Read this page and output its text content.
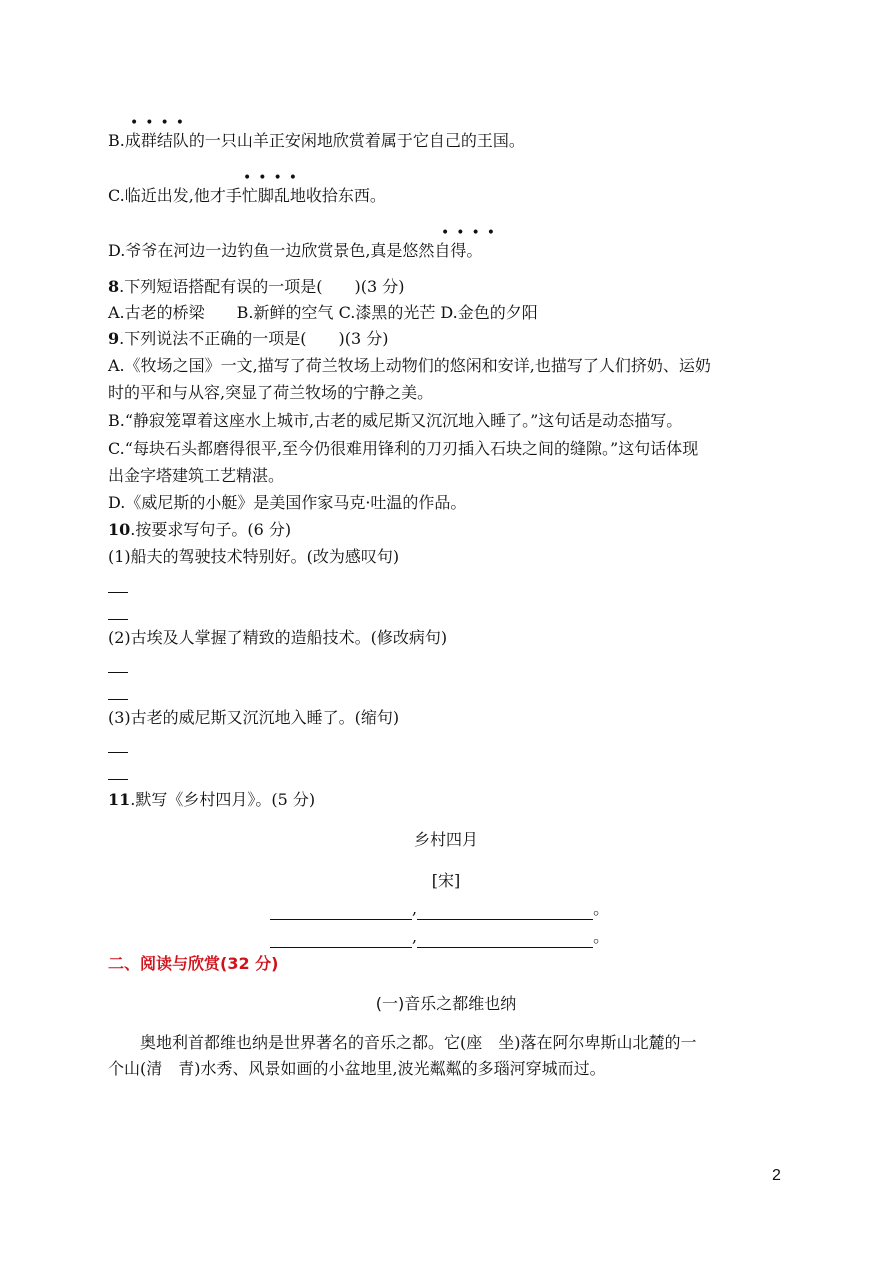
••••
B.成群结队的一只山羊正安闲地欣赏着属于它自己的王国。
••••
C.临近出发,他才手忙脚乱地收拾东西。
••••
D.爷爷在河边一边钓鱼一边欣赏景色,真是悠然自得。
8.下列短语搭配有误的一项是(　　)(3 分)
A.古老的桥梁　　B.新鲜的空气 C.漆黑的光芒 D.金色的夕阳
9.下列说法不正确的一项是(　　)(3 分)
A.《牧场之国》一文,描写了荷兰牧场上动物们的悠闲和安详,也描写了人们挤奶、运奶
时的平和与从容,突显了荷兰牧场的宁静之美。
B.“静寂笼罩着这座水上城市,古老的威尼斯又沉沉地入睡了。”这句话是动态描写。
C.“每块石头都磨得很平,至今仍很难用锋利的刀刃插入石块之间的缝隙。”这句话体现
出金字塔建筑工艺精湛。
D.《威尼斯的小艇》是美国作家马克·吐温的作品。
10.按要求写句子。(6 分)
(1)船夫的驾驶技术特别好。(改为感叹句)
(2)古埃及人掌握了精致的造船技术。(修改病句)
(3)古老的威尼斯又沉沉地入睡了。(缩句)
11.默写《乡村四月》。(5 分)
乡村四月
[宋]
,	。
,	。
二、阅读与欣赏(32 分)
(一)音乐之都维也纳
奥地利首都维也纳是世界著名的音乐之都。它(座　坐)落在阿尔卑斯山北麓的一
个山(清　青)水秀、风景如画的小盆地里,波光粼粼的多瑙河穿城而过。
2
